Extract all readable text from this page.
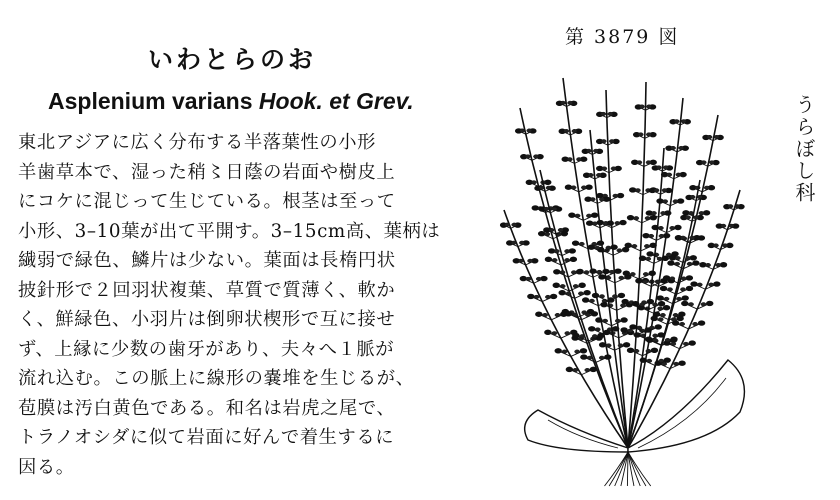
いわとらのお
Asplenium varians Hook. et Grev.

東北アジアに広く分布する半落葉性の小形

羊歯草本で、湿った稍〻日蔭の岩面や樹皮上

にコケに混じって生じている。根茎は至って

小形、3–10葉が出て平開す。3–15cm高、葉柄は

繊弱で緑色、鱗片は少ない。葉面は長楕円状

披針形で２回羽状複葉、草質で質薄く、軟か

く、鮮緑色、小羽片は倒卵状楔形で互に接せ

ず、上縁に少数の歯牙があり、夫々へ１脈が

流れ込む。この脈上に線形の嚢堆を生じるが、

苞膜は汚白黄色である。和名は岩虎之尾で、

トラノオシダに似て岩面に好んで着生するに

因る。

第 3879 図
うらぼし科
